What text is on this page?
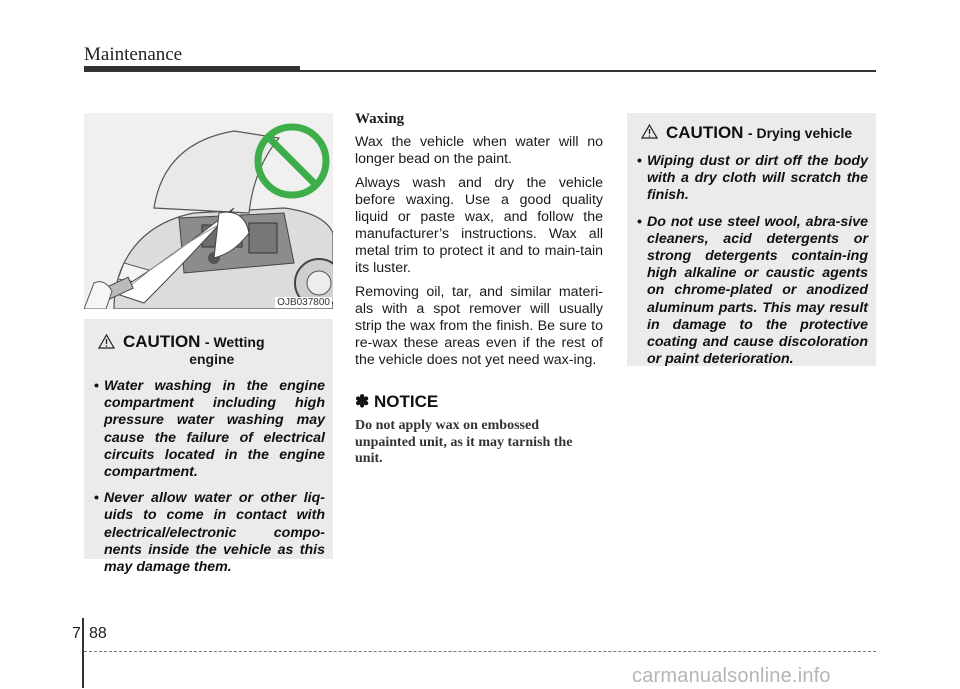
Maintenance
OJB037800
CAUTION - Wetting
engine
• Water washing in the engine compartment including high pressure water washing may cause the failure of electrical circuits located in the engine compartment.
• Never allow water or other liq-uids to come in contact with electrical/electronic compo-nents inside the vehicle as this may damage them.
Waxing

Wax the vehicle when water will no longer bead on the paint.

Always wash and dry the vehicle before waxing. Use a good quality liquid or paste wax, and follow the manufacturer’s instructions. Wax all metal trim to protect it and to main-tain its luster.

Removing oil, tar, and similar materi-als with a spot remover will usually strip the wax from the finish. Be sure to re-wax these areas even if the rest of the vehicle does not yet need wax-ing.

✽ NOTICE

Do not apply wax on embossed unpainted unit, as it may tarnish the unit.

CAUTION - Drying vehicle
• Wiping dust or dirt off the body with a dry cloth will scratch the finish.
• Do not use steel wool, abra-sive cleaners, acid detergents or strong detergents contain-ing high alkaline or caustic agents on chrome-plated or anodized aluminum parts. This may result in damage to the protective coating and cause discoloration or paint deterioration.
7 88
carmanualsonline.info
